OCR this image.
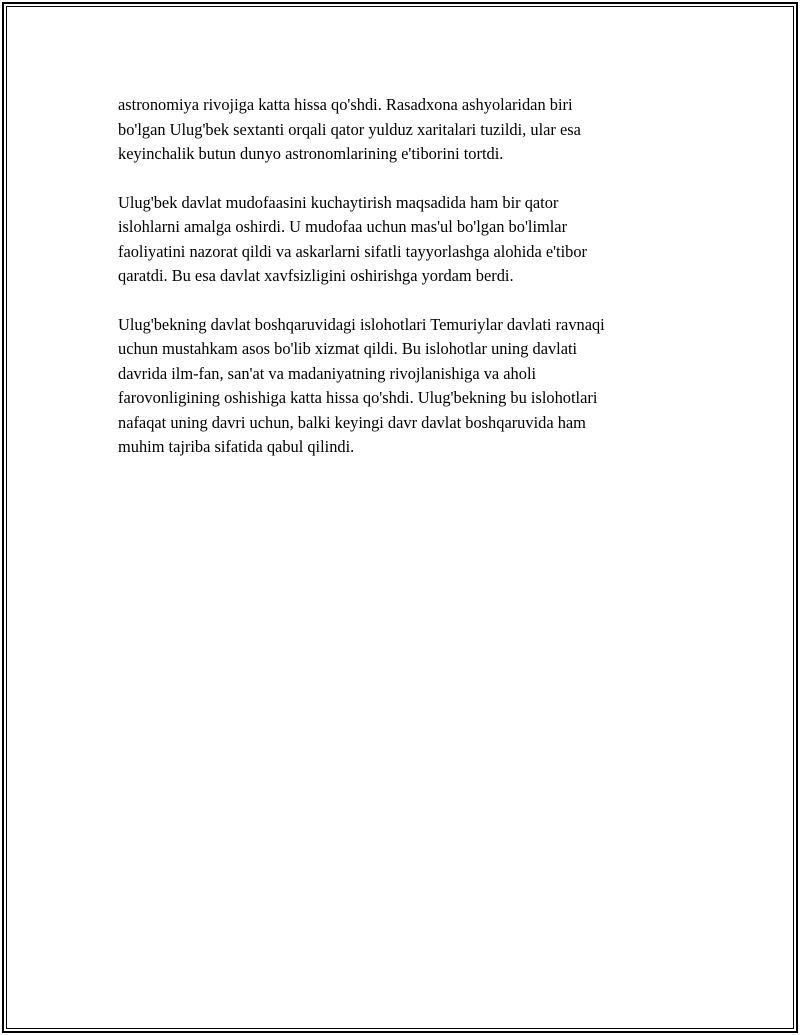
astronomiya rivojiga katta hissa qo'shdi. Rasadxona ashyolaridan biri
bo'lgan Ulug'bek sextanti orqali qator yulduz xaritalari tuzildi, ular esa
keyinchalik butun dunyo astronomlarining e'tiborini tortdi.

Ulug'bek davlat mudofaasini kuchaytirish maqsadida ham bir qator
islohlarni amalga oshirdi. U mudofaa uchun mas'ul bo'lgan bo'limlar
faoliyatini nazorat qildi va askarlarni sifatli tayyorlashga alohida e'tibor
qaratdi. Bu esa davlat xavfsizligini oshirishga yordam berdi.

Ulug'bekning davlat boshqaruvidagi islohotlari Temuriylar davlati ravnaqi
uchun mustahkam asos bo'lib xizmat qildi. Bu islohotlar uning davlati
davrida ilm-fan, san'at va madaniyatning rivojlanishiga va aholi
farovonligining oshishiga katta hissa qo'shdi. Ulug'bekning bu islohotlari
nafaqat uning davri uchun, balki keyingi davr davlat boshqaruvida ham
muhim tajriba sifatida qabul qilindi.
